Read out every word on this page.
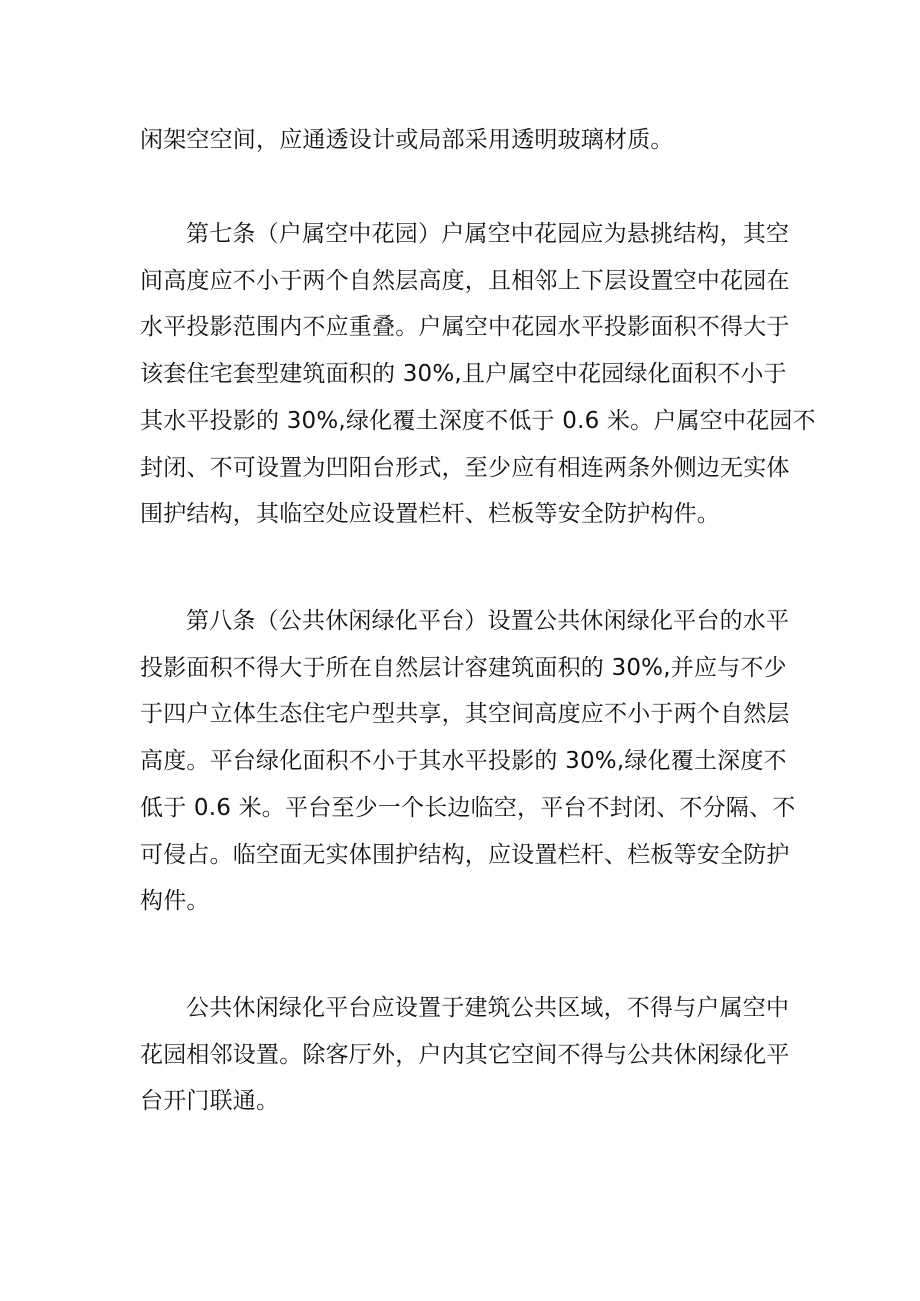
闲架空空间，应通透设计或局部采用透明玻璃材质。
第七条（户属空中花园）户属空中花园应为悬挑结构，其空
间高度应不小于两个自然层高度，且相邻上下层设置空中花园在
水平投影范围内不应重叠。户属空中花园水平投影面积不得大于
该套住宅套型建筑面积的 30%,且户属空中花园绿化面积不小于
其水平投影的 30%,绿化覆土深度不低于 0.6 米。户属空中花园不
封闭、不可设置为凹阳台形式，至少应有相连两条外侧边无实体
围护结构，其临空处应设置栏杆、栏板等安全防护构件。
第八条（公共休闲绿化平台）设置公共休闲绿化平台的水平
投影面积不得大于所在自然层计容建筑面积的 30%,并应与不少
于四户立体生态住宅户型共享，其空间高度应不小于两个自然层
高度。平台绿化面积不小于其水平投影的 30%,绿化覆土深度不
低于 0.6 米。平台至少一个长边临空，平台不封闭、不分隔、不
可侵占。临空面无实体围护结构，应设置栏杆、栏板等安全防护
构件。
公共休闲绿化平台应设置于建筑公共区域，不得与户属空中
花园相邻设置。除客厅外，户内其它空间不得与公共休闲绿化平
台开门联通。
